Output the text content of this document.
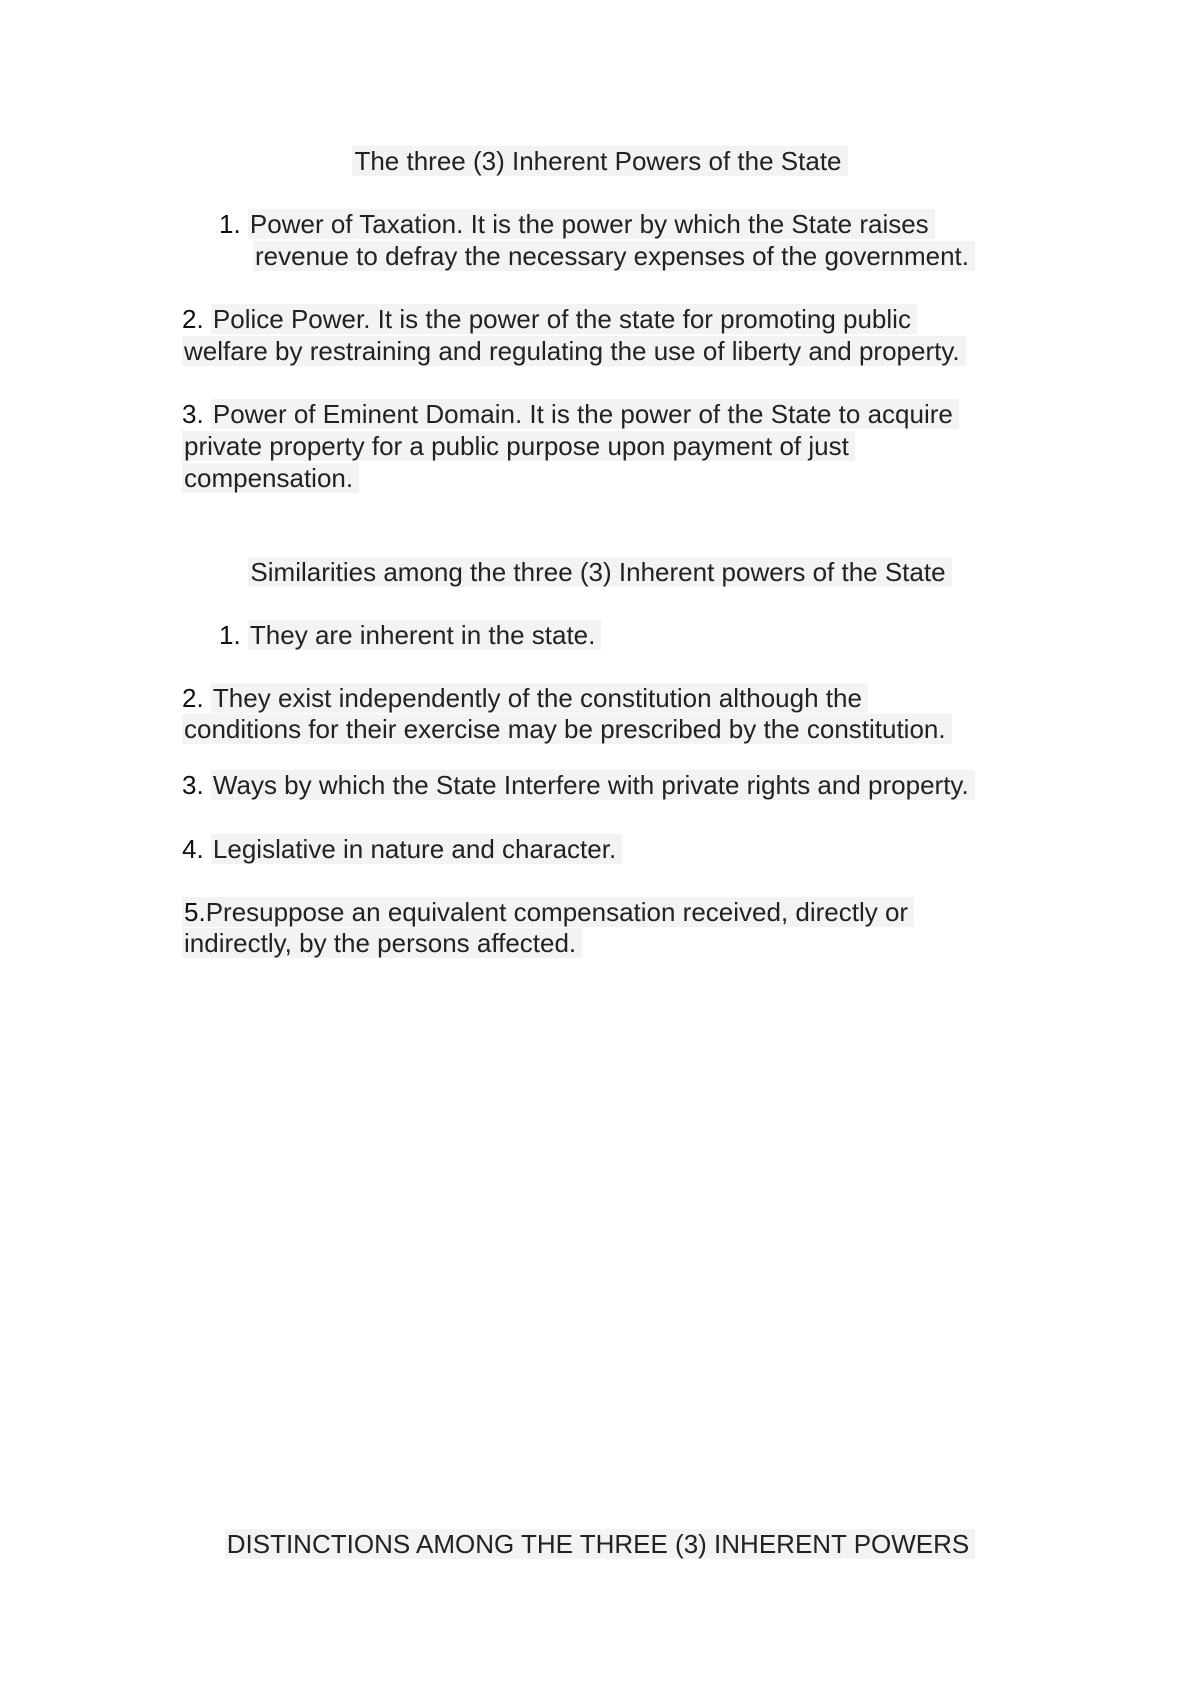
The three (3) Inherent Powers of the State
1. Power of Taxation. It is the power by which the State raises
revenue to defray the necessary expenses of the government.
2. Police Power. It is the power of the state for promoting public
welfare by restraining and regulating the use of liberty and property.
3. Power of Eminent Domain. It is the power of the State to acquire
private property for a public purpose upon payment of just
compensation.
Similarities among the three (3) Inherent powers of the State
1. They are inherent in the state.
2. They exist independently of the constitution although the
conditions for their exercise may be prescribed by the constitution.
3. Ways by which the State Interfere with private rights and property.
4. Legislative in nature and character.
5.Presuppose an equivalent compensation received, directly or
indirectly, by the persons affected.
DISTINCTIONS AMONG THE THREE (3) INHERENT POWERS
